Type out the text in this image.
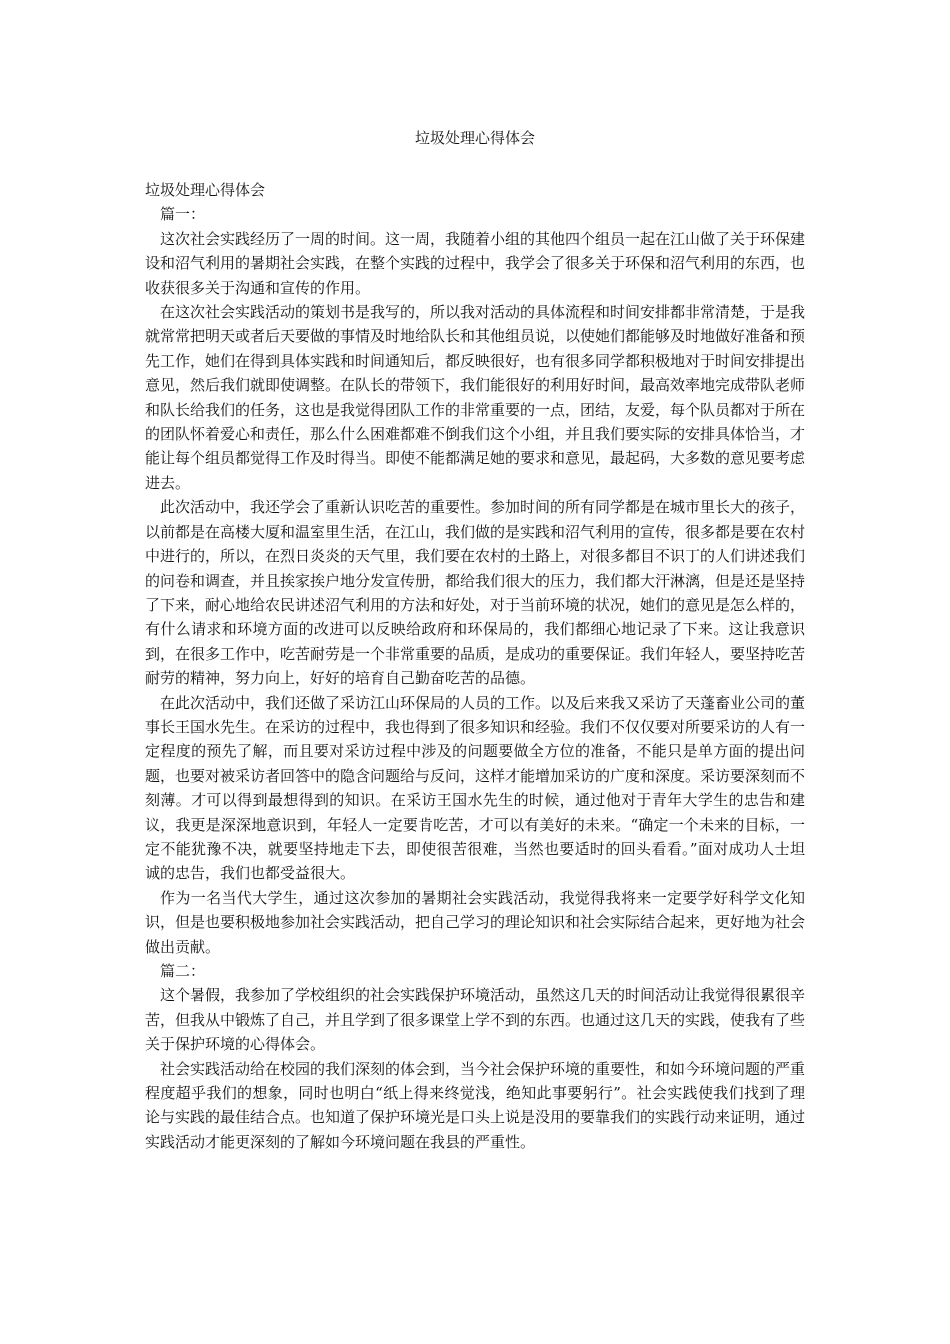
垃圾处理心得体会

垃圾处理心得体会

篇一：

这次社会实践经历了一周的时间。这一周，我随着小组的其他四个组员一起在江山做了关于环保建设和沼气利用的暑期社会实践，在整个实践的过程中，我学会了很多关于环保和沼气利用的东西，也收获很多关于沟通和宣传的作用。

在这次社会实践活动的策划书是我写的，所以我对活动的具体流程和时间安排都非常清楚，于是我就常常把明天或者后天要做的事情及时地给队长和其他组员说，以使她们都能够及时地做好准备和预先工作，她们在得到具体实践和时间通知后，都反映很好，也有很多同学都积极地对于时间安排提出意见，然后我们就即使调整。在队长的带领下，我们能很好的利用好时间，最高效率地完成带队老师和队长给我们的任务，这也是我觉得团队工作的非常重要的一点，团结，友爱，每个队员都对于所在的团队怀着爱心和责任，那么什么困难都难不倒我们这个小组，并且我们要实际的安排具体恰当，才能让每个组员都觉得工作及时得当。即使不能都满足她的要求和意见，最起码，大多数的意见要考虑进去。

此次活动中，我还学会了重新认识吃苦的重要性。参加时间的所有同学都是在城市里长大的孩子，以前都是在高楼大厦和温室里生活，在江山，我们做的是实践和沼气利用的宣传，很多都是要在农村中进行的，所以，在烈日炎炎的天气里，我们要在农村的土路上，对很多都目不识丁的人们讲述我们的问卷和调查，并且挨家挨户地分发宣传册，都给我们很大的压力，我们都大汗淋漓，但是还是坚持了下来，耐心地给农民讲述沼气利用的方法和好处，对于当前环境的状况，她们的意见是怎么样的，有什么请求和环境方面的改进可以反映给政府和环保局的，我们都细心地记录了下来。这让我意识到，在很多工作中，吃苦耐劳是一个非常重要的品质，是成功的重要保证。我们年轻人，要坚持吃苦耐劳的精神，努力向上，好好的培育自己勤奋吃苦的品德。

在此次活动中，我们还做了采访江山环保局的人员的工作。以及后来我又采访了天蓬畜业公司的董事长王国水先生。在采访的过程中，我也得到了很多知识和经验。我们不仅仅要对所要采访的人有一定程度的预先了解，而且要对采访过程中涉及的问题要做全方位的准备，不能只是单方面的提出问题，也要对被采访者回答中的隐含问题给与反问，这样才能增加采访的广度和深度。采访要深刻而不刻薄。才可以得到最想得到的知识。在采访王国水先生的时候，通过他对于青年大学生的忠告和建议，我更是深深地意识到，年轻人一定要肯吃苦，才可以有美好的未来。“确定一个未来的目标，一定不能犹豫不决，就要坚持地走下去，即使很苦很难，当然也要适时的回头看看。”面对成功人士坦诚的忠告，我们也都受益很大。

作为一名当代大学生，通过这次参加的暑期社会实践活动，我觉得我将来一定要学好科学文化知识，但是也要积极地参加社会实践活动，把自己学习的理论知识和社会实际结合起来，更好地为社会做出贡献。

篇二：

这个暑假，我参加了学校组织的社会实践保护环境活动，虽然这几天的时间活动让我觉得很累很辛苦，但我从中锻炼了自己，并且学到了很多课堂上学不到的东西。也通过这几天的实践，使我有了些关于保护环境的心得体会。

社会实践活动给在校园的我们深刻的体会到，当今社会保护环境的重要性，和如今环境问题的严重程度超乎我们的想象，同时也明白“纸上得来终觉浅，绝知此事要躬行”。社会实践使我们找到了理论与实践的最佳结合点。也知道了保护环境光是口头上说是没用的要靠我们的实践行动来证明，通过实践活动才能更深刻的了解如今环境问题在我县的严重性。
